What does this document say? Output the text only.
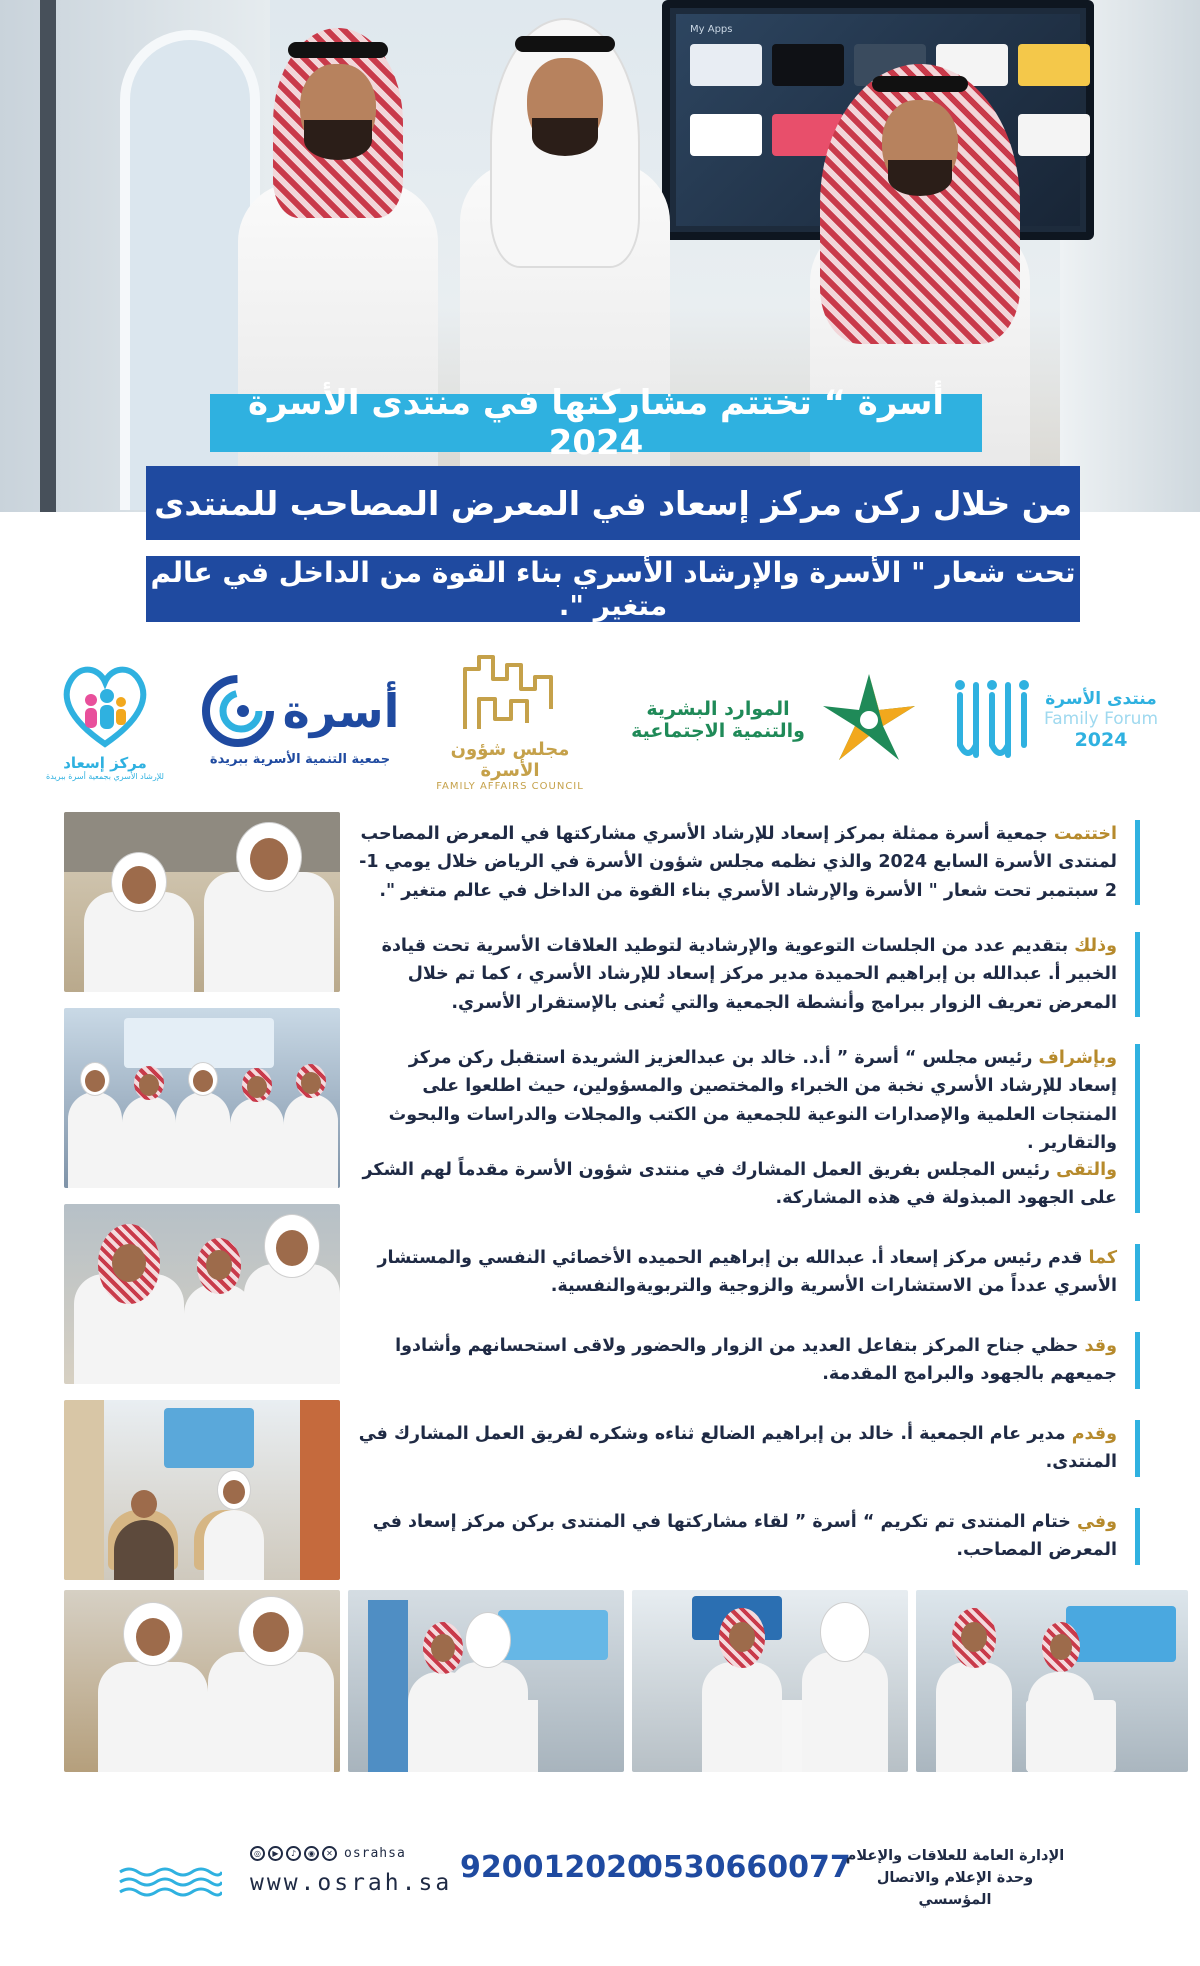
My Apps
أسرة “ تختتم مشاركتها في منتدى الأسرة 2024
من خلال ركن مركز إسعاد في المعرض المصاحب للمنتدى
تحت شعار " الأسرة والإرشاد الأسري بناء القوة من الداخل في عالم متغير ".
منتدى الأسرة
Family Forum
2024
الموارد البشرية
والتنمية الاجتماعية
مجلس شؤون الأسرة
FAMILY AFFAIRS COUNCIL
أسرة
جمعية التنمية الأسرية ببريدة
مركز إسعاد
للإرشاد الأسري بجمعية أسرة ببريدة

اختتمت جمعية أسرة ممثلة بمركز إسعاد للإرشاد الأسري مشاركتها في المعرض المصاحب لمنتدى الأسرة السابع 2024 والذي نظمه مجلس شؤون الأسرة في الرياض خلال يومي 1-2 سبتمبر تحت شعار " الأسرة والإرشاد الأسري بناء القوة من الداخل في عالم متغير ".

وذلك بتقديم عدد من الجلسات التوعوية والإرشادية لتوطيد العلاقات الأسرية تحت قيادة الخبير أ. عبدالله بن إبراهيم الحميدة مدير مركز إسعاد للإرشاد الأسري ، كما تم خلال المعرض تعريف الزوار ببرامج وأنشطة الجمعية والتي تُعنى بالإستقرار الأسري.

وبإشراف رئيس مجلس “ أسرة ” أ.د. خالد بن عبدالعزيز الشريدة استقبل ركن مركز إسعاد للإرشاد الأسري نخبة من الخبراء والمختصين والمسؤولين، حيث اطلعوا على المنتجات العلمية والإصدارات النوعية للجمعية من الكتب والمجلات والدراسات والبحوث والتقارير .

والتقى رئيس المجلس بفريق العمل المشارك في منتدى شؤون الأسرة مقدماً لهم الشكر على الجهود المبذولة في هذه المشاركة.

كما قدم رئيس مركز إسعاد أ. عبدالله بن إبراهيم الحميده الأخصائي النفسي والمستشار الأسري عدداً من الاستشارات الأسرية والزوجية والتربويةوالنفسية.

وقد حظي جناح المركز بتفاعل العديد من الزوار والحضور ولاقى استحسانهم وأشادوا جميعهم بالجهود والبرامج المقدمة.

وقدم مدير عام الجمعية أ. خالد بن إبراهيم الضالع ثناءه وشكره لفريق العمل المشارك في المنتدى.

وفي ختام المنتدى تم تكريم “ أسرة ” لقاء مشاركتها في المنتدى بركن مركز إسعاد في المعرض المصاحب.

◎	▶	♪	◉	✕ osrahsa
www.osrah.sa 920012020
0530660077
الإدارة العامة للعلاقات والإعلام
وحدة الإعلام والاتصال المؤسسي
